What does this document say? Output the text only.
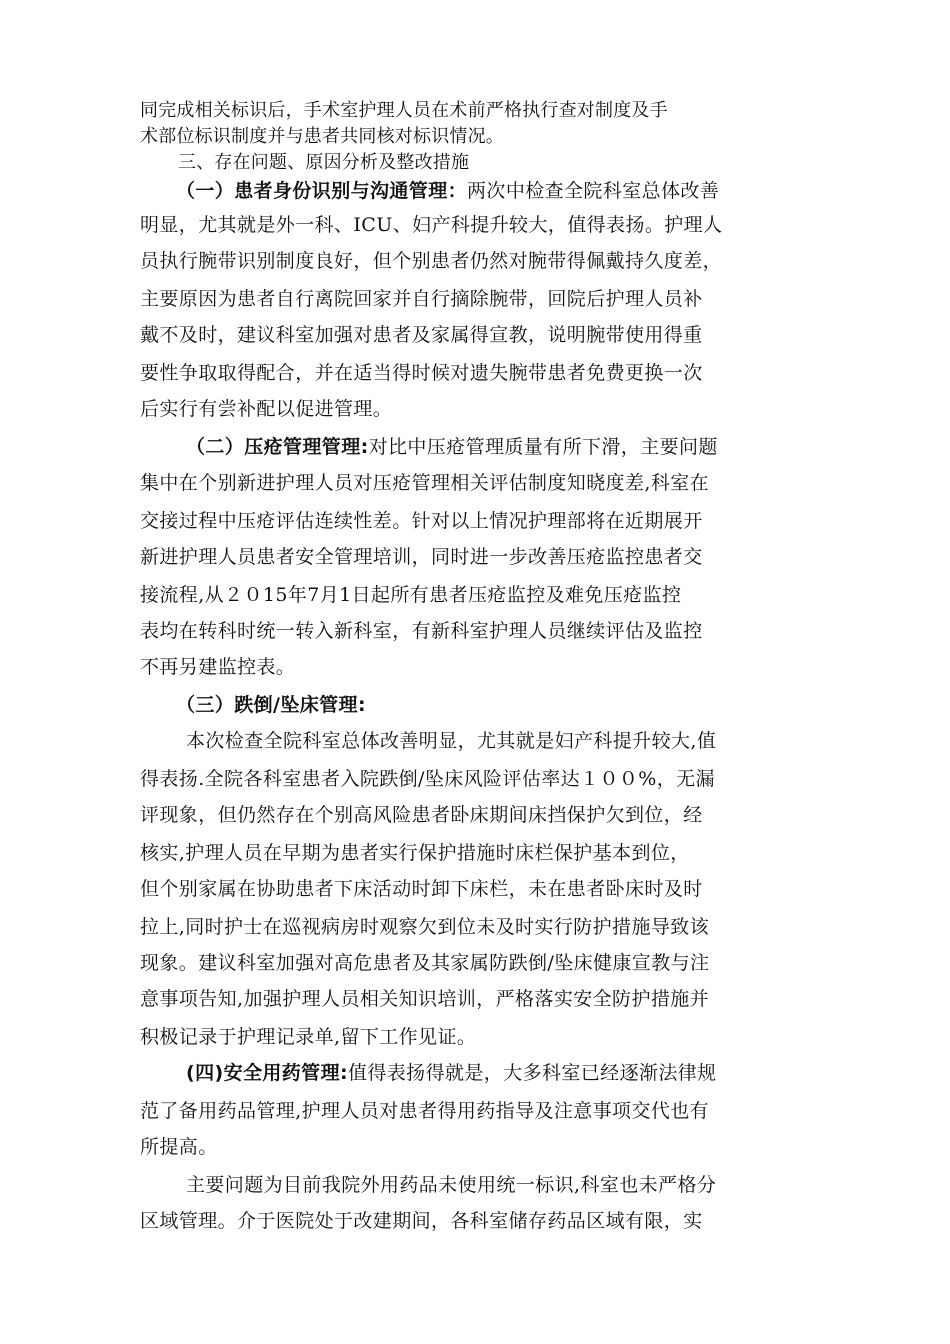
同完成相关标识后，手术室护理人员在术前严格执行查对制度及手
术部位标识制度并与患者共同核对标识情况。
三、存在问题、原因分析及整改措施
（一）患者身份识别与沟通管理：两次中检查全院科室总体改善
明显，尤其就是外一科、ICU、妇产科提升较大，值得表扬。护理人
员执行腕带识别制度良好，但个别患者仍然对腕带得佩戴持久度差，
主要原因为患者自行离院回家并自行摘除腕带，回院后护理人员补
戴不及时，建议科室加强对患者及家属得宣教，说明腕带使用得重
要性争取取得配合，并在适当得时候对遗失腕带患者免费更换一次
后实行有尝补配以促进管理。
（二）压疮管理管理:对比中压疮管理质量有所下滑，主要问题
集中在个别新进护理人员对压疮管理相关评估制度知晓度差,科室在
交接过程中压疮评估连续性差。针对以上情况护理部将在近期展开
新进护理人员患者安全管理培训，同时进一步改善压疮监控患者交
接流程,从２０15年7月1日起所有患者压疮监控及难免压疮监控
表均在转科时统一转入新科室，有新科室护理人员继续评估及监控
不再另建监控表。
（三）跌倒/坠床管理:
本次检查全院科室总体改善明显，尤其就是妇产科提升较大,值
得表扬.全院各科室患者入院跌倒/坠床风险评估率达１００%，无漏
评现象，但仍然存在个别高风险患者卧床期间床挡保护欠到位，经
核实,护理人员在早期为患者实行保护措施时床栏保护基本到位，
但个别家属在协助患者下床活动时卸下床栏，未在患者卧床时及时
拉上,同时护士在巡视病房时观察欠到位未及时实行防护措施导致该
现象。建议科室加强对高危患者及其家属防跌倒/坠床健康宣教与注
意事项告知,加强护理人员相关知识培训，严格落实安全防护措施并
积极记录于护理记录单,留下工作见证。
(四)安全用药管理:值得表扬得就是，大多科室已经逐渐法律规
范了备用药品管理,护理人员对患者得用药指导及注意事项交代也有
所提高。
主要问题为目前我院外用药品未使用统一标识,科室也未严格分
区域管理。介于医院处于改建期间，各科室储存药品区域有限，实
